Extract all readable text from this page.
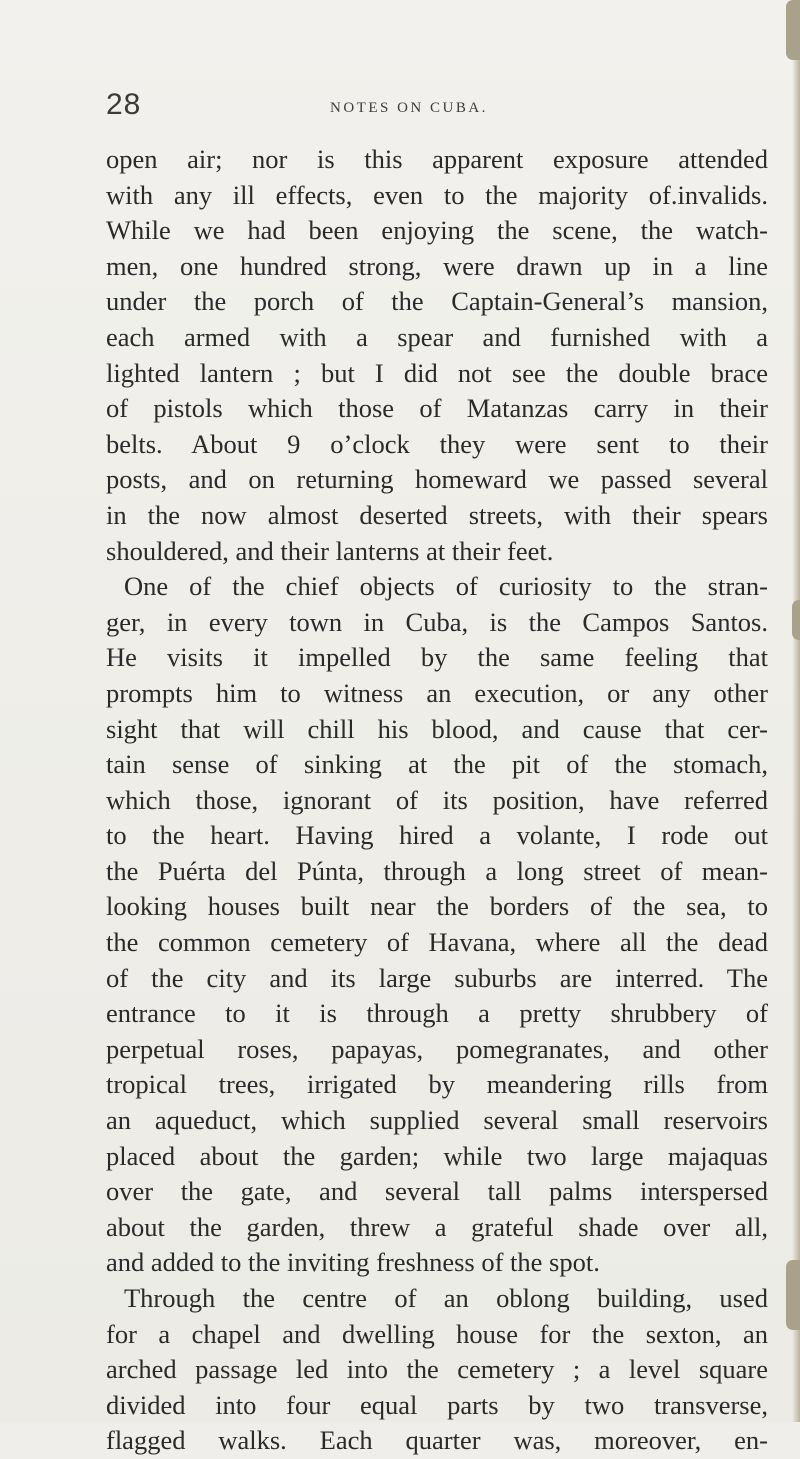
28	NOTES ON CUBA.
open air; nor is this apparent exposure attended
with any ill effects, even to the majority of.invalids.
While we had been enjoying the scene, the watch-
men, one hundred strong, were drawn up in a line
under the porch of the Captain-General’s mansion,
each armed with a spear and furnished with a
lighted lantern ; but I did not see the double brace
of pistols which those of Matanzas carry in their
belts. About 9 o’clock they were sent to their
posts, and on returning homeward we passed several
in the now almost deserted streets, with their spears
shouldered, and their lanterns at their feet.
One of the chief objects of curiosity to the stran-
ger, in every town in Cuba, is the Campos Santos.
He visits it impelled by the same feeling that
prompts him to witness an execution, or any other
sight that will chill his blood, and cause that cer-
tain sense of sinking at the pit of the stomach,
which those, ignorant of its position, have referred
to the heart. Having hired a volante, I rode out
the Puérta del Púnta, through a long street of mean-
looking houses built near the borders of the sea, to
the common cemetery of Havana, where all the dead
of the city and its large suburbs are interred. The
entrance to it is through a pretty shrubbery of
perpetual roses, papayas, pomegranates, and other
tropical trees, irrigated by meandering rills from
an aqueduct, which supplied several small reservoirs
placed about the garden; while two large majaquas
over the gate, and several tall palms interspersed
about the garden, threw a grateful shade over all,
and added to the inviting freshness of the spot.
Through the centre of an oblong building, used
for a chapel and dwelling house for the sexton, an
arched passage led into the cemetery ; a level square
divided into four equal parts by two transverse,
flagged walks. Each quarter was, moreover, en-
